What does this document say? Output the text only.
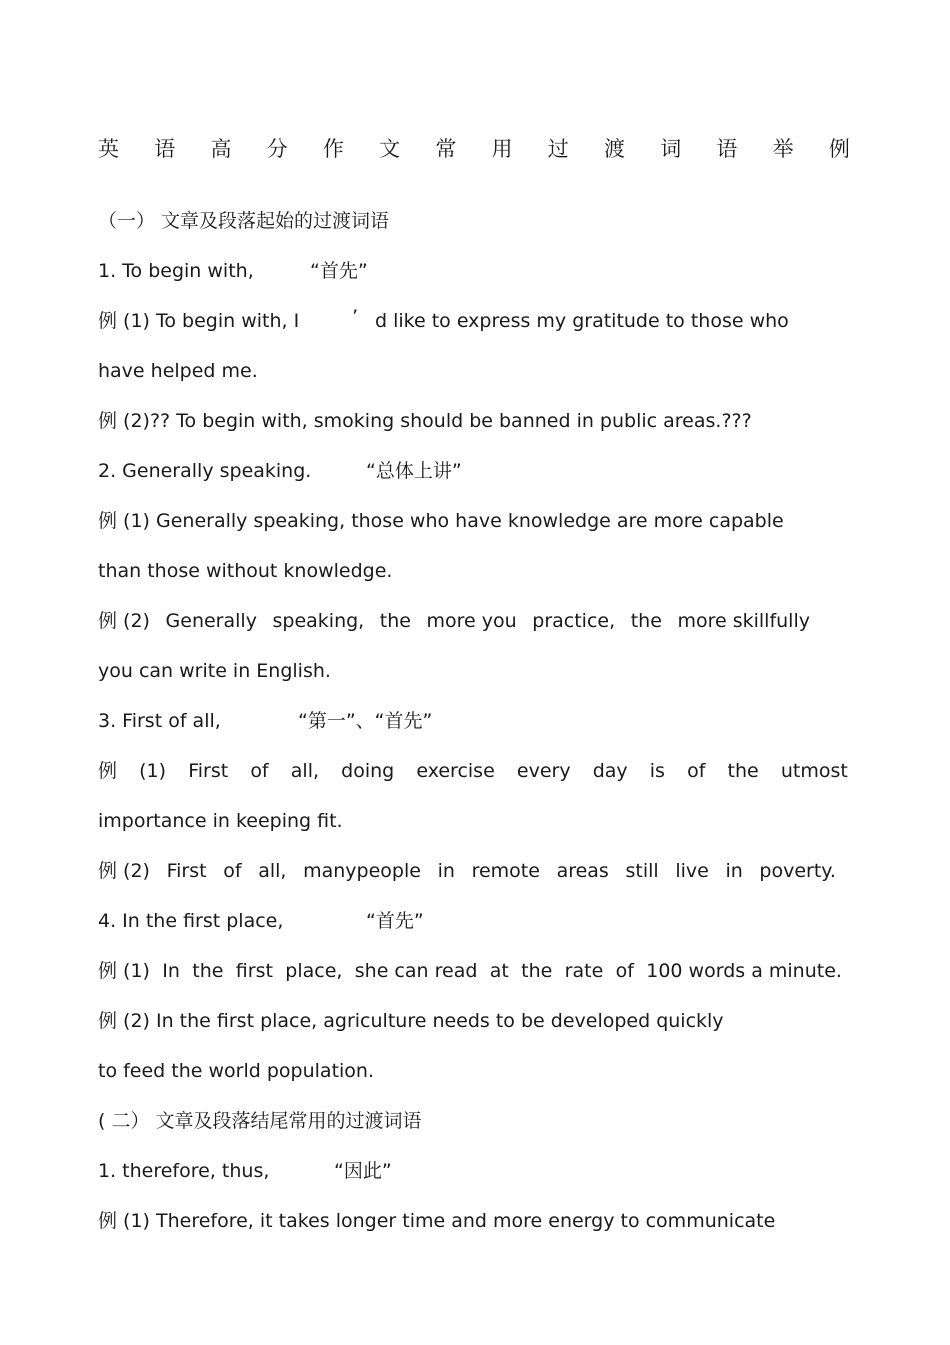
英 语 高 分 作 文 常 用 过 渡 词 语 举 例
（一） 文章及段落起始的过渡词语
1. To begin with,	“首先”
例 (1) To begin with, I	’ d like to express my gratitude to those who
have helped me.
例 (2)?? To begin with, smoking should be banned in public areas.???
2. Generally speaking.	“总体上讲”
例 (1) Generally speaking, those who have knowledge are more capable
than those without knowledge.
例 (2) Generally speaking, the more you practice, the more skillfully
you can write in English.
3. First of all,	“第一”、“首先”
例 (1) First of all, doing exercise every day is of the utmost
importance in keeping fit.
例 (2) First of all, manypeople in remote areas still live in poverty.
4. In the first place,	“首先”
例 (1) In the first place, she can read at the rate of 100 words a minute.
例 (2) In the first place, agriculture needs to be developed quickly
to feed the world population.
( 二） 文章及段落结尾常用的过渡词语
1. therefore, thus,	“因此”
例 (1) Therefore, it takes longer time and more energy to communicate
